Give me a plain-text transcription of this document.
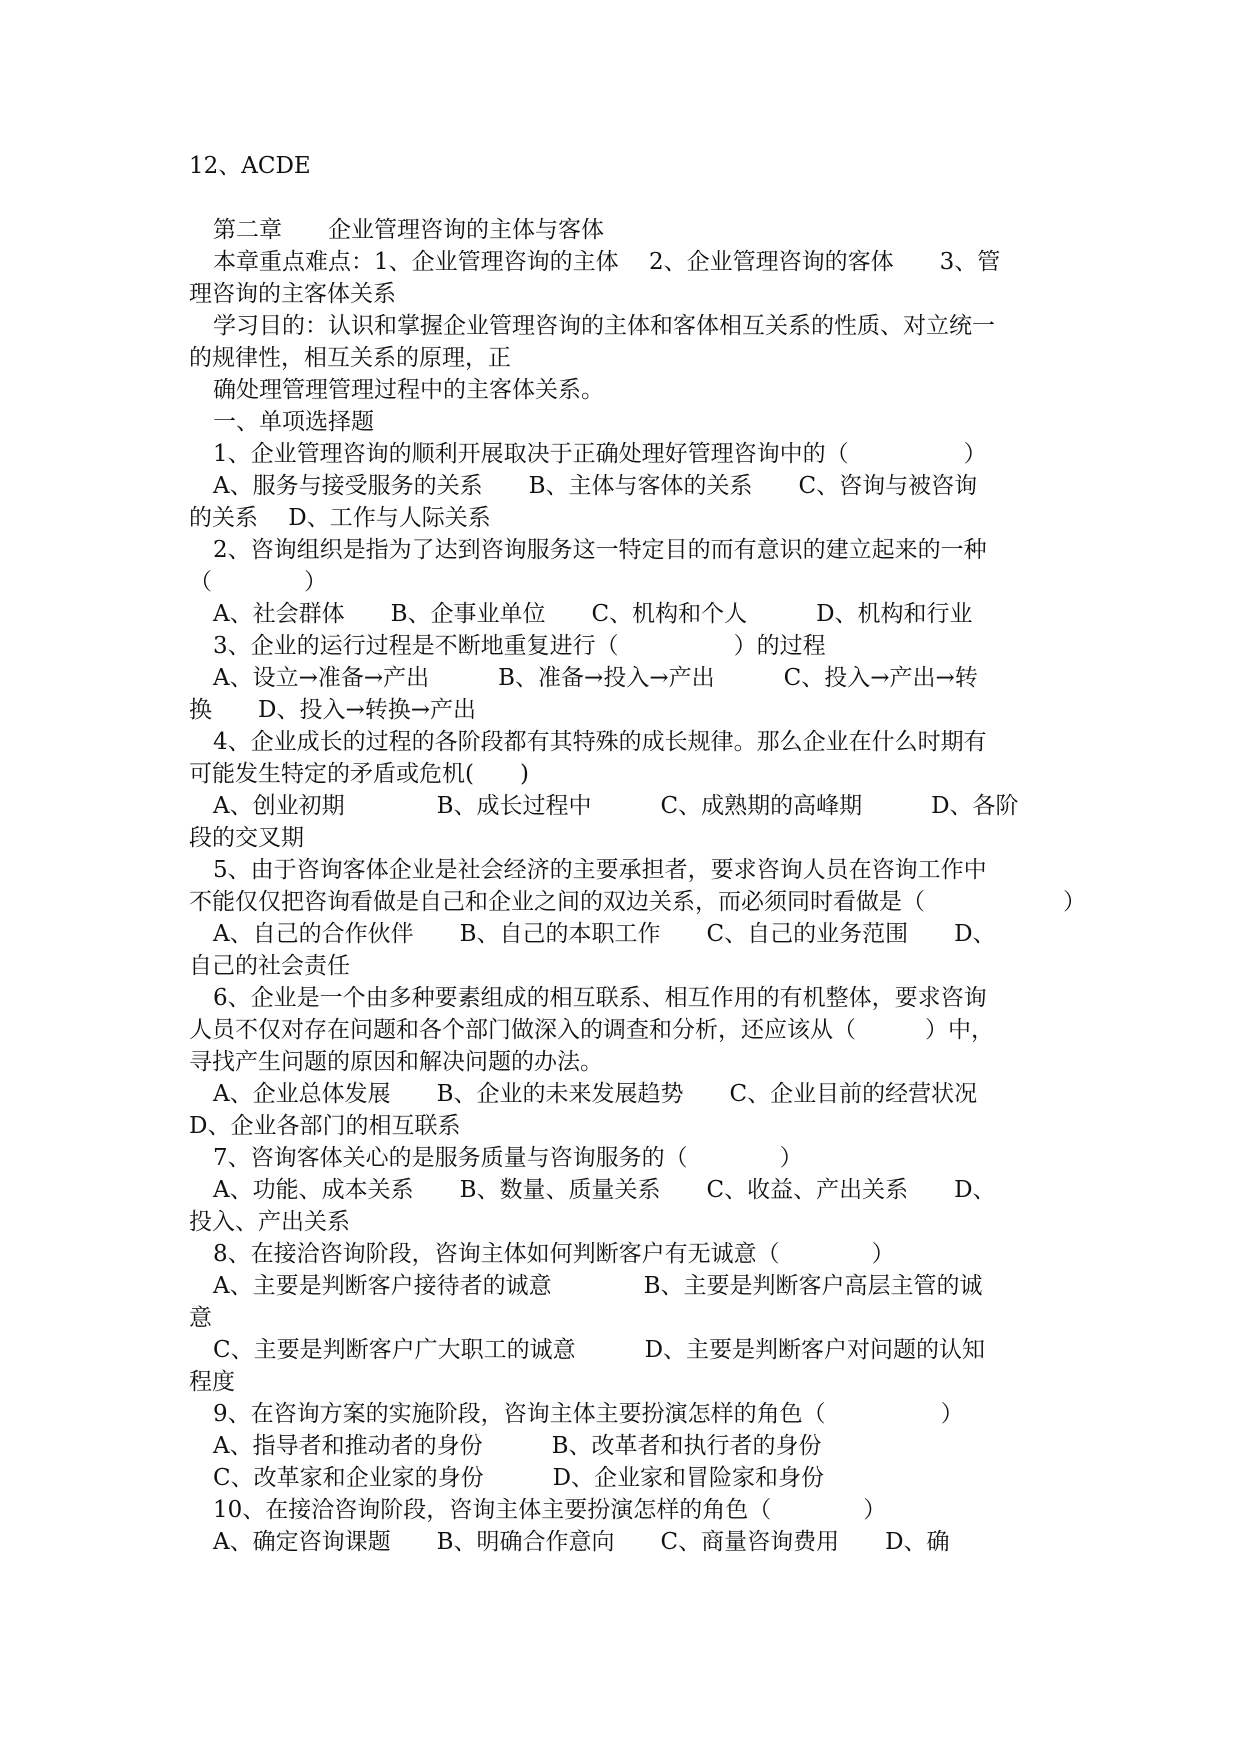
12、ACDE
第二章　　企业管理咨询的主体与客体
本章重点难点：1、企业管理咨询的主体　 2、企业管理咨询的客体　　3、管
理咨询的主客体关系
学习目的：认识和掌握企业管理咨询的主体和客体相互关系的性质、对立统一
的规律性，相互关系的原理，正
确处理管理管理过程中的主客体关系。
一、单项选择题
1、企业管理咨询的顺利开展取决于正确处理好管理咨询中的（　　　　　）
A、服务与接受服务的关系　　B、主体与客体的关系　　C、咨询与被咨询
的关系　 D、工作与人际关系
2、咨询组织是指为了达到咨询服务这一特定目的而有意识的建立起来的一种
（　　　　）
A、社会群体　　B、企事业单位　　C、机构和个人　　　D、机构和行业
3、企业的运行过程是不断地重复进行（　　　　　）的过程
A、设立→准备→产出　　　B、准备→投入→产出　　　C、投入→产出→转
换　　D、投入→转换→产出
4、企业成长的过程的各阶段都有其特殊的成长规律。那么企业在什么时期有
可能发生特定的矛盾或危机(　　)
A、创业初期　　　　B、成长过程中　　　C、成熟期的高峰期　　　D、各阶
段的交叉期
5、由于咨询客体企业是社会经济的主要承担者，要求咨询人员在咨询工作中
不能仅仅把咨询看做是自己和企业之间的双边关系，而必须同时看做是（　　　　　　）
A、自己的合作伙伴　　B、自己的本职工作　　C、自己的业务范围　　D、
自己的社会责任
6、企业是一个由多种要素组成的相互联系、相互作用的有机整体，要求咨询
人员不仅对存在问题和各个部门做深入的调查和分析，还应该从（　　　）中，
寻找产生问题的原因和解决问题的办法。
A、企业总体发展　　B、企业的未来发展趋势　　C、企业目前的经营状况
D、企业各部门的相互联系
7、咨询客体关心的是服务质量与咨询服务的（　　　　）
A、功能、成本关系　　B、数量、质量关系　　C、收益、产出关系　　D、
投入、产出关系
8、在接洽咨询阶段，咨询主体如何判断客户有无诚意（　　　　）
A、主要是判断客户接待者的诚意　　　　B、主要是判断客户高层主管的诚
意
C、主要是判断客户广大职工的诚意　　　D、主要是判断客户对问题的认知
程度
9、在咨询方案的实施阶段，咨询主体主要扮演怎样的角色（　　　　　）
A、指导者和推动者的身份　　　B、改革者和执行者的身份
C、改革家和企业家的身份　　　D、企业家和冒险家和身份
10、在接洽咨询阶段，咨询主体主要扮演怎样的角色（　　　　）
A、确定咨询课题　　B、明确合作意向　　C、商量咨询费用　　D、确
